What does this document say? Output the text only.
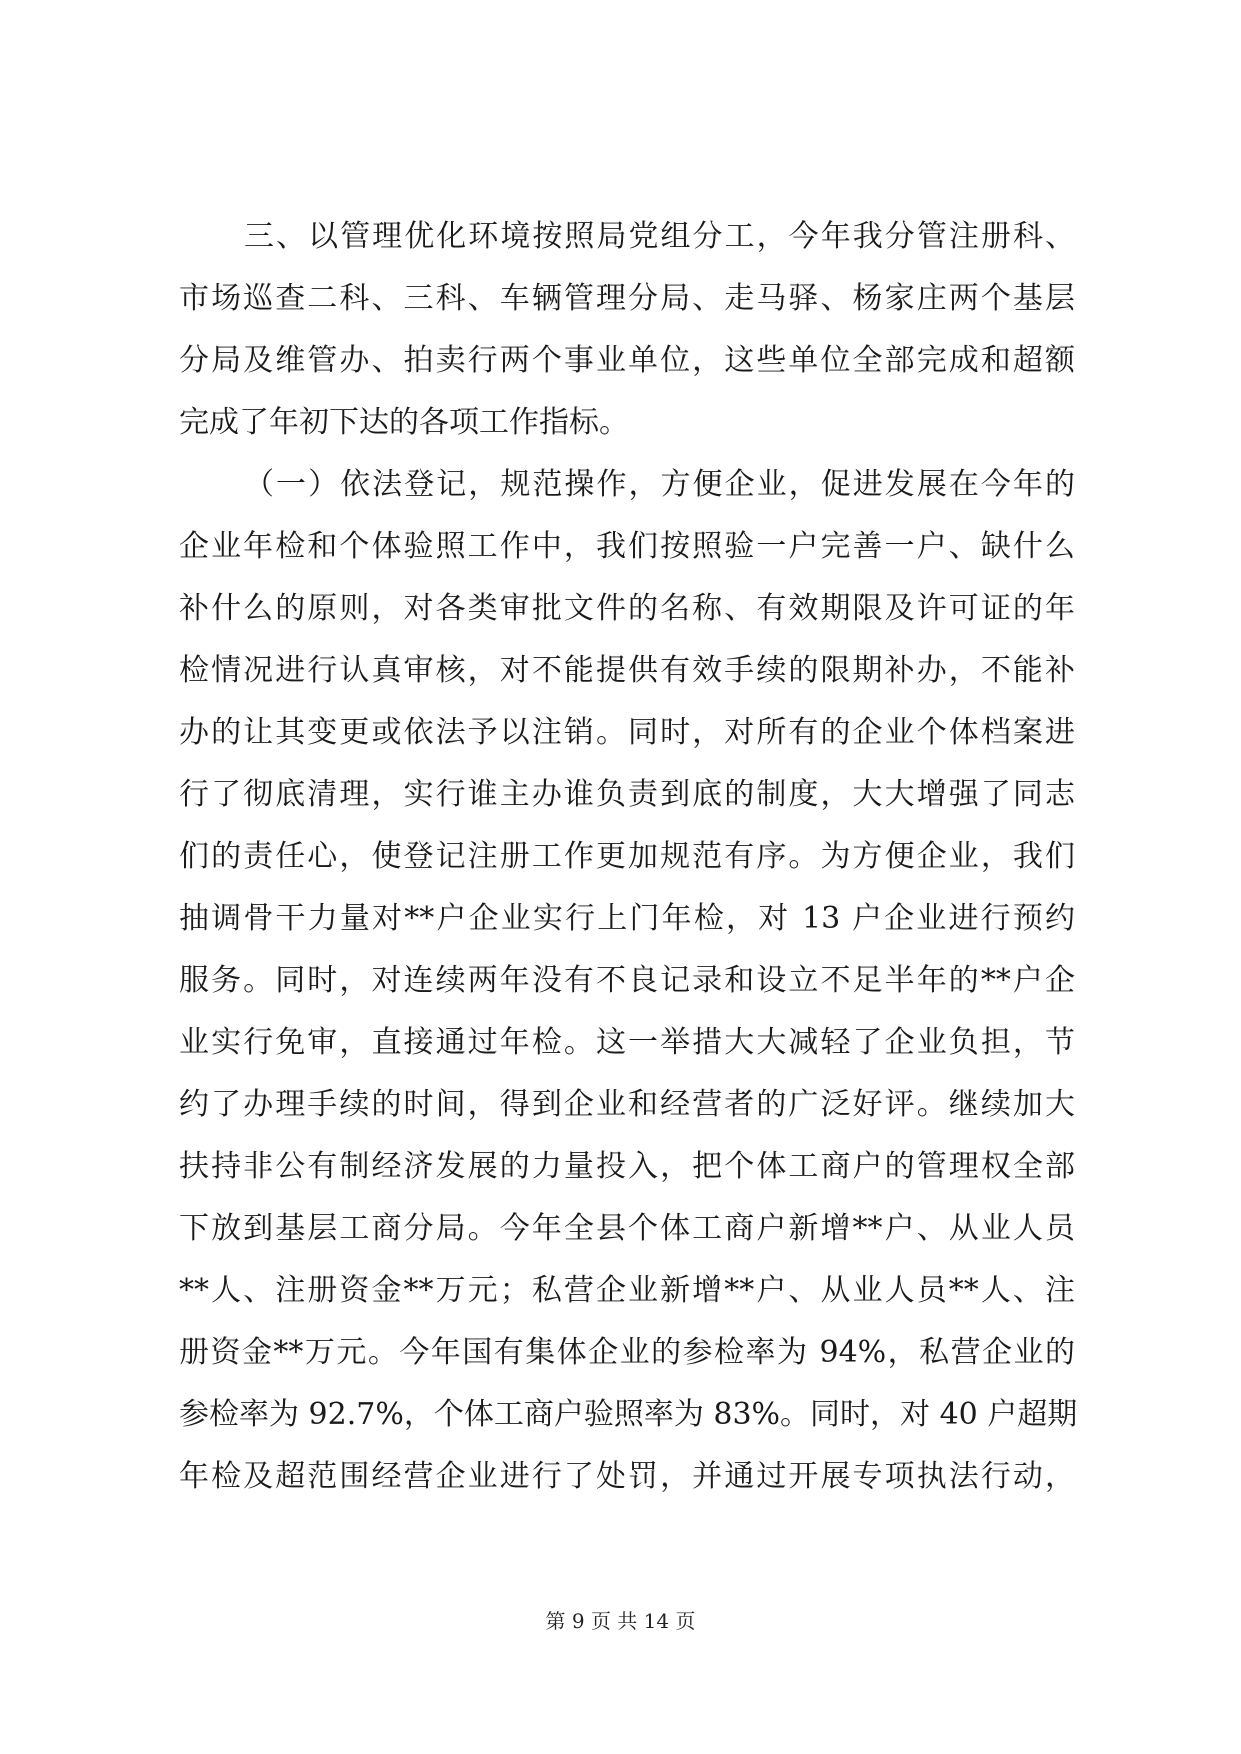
三、以管理优化环境按照局党组分工，今年我分管注册科、
市场巡查二科、三科、车辆管理分局、走马驿、杨家庄两个基层
分局及维管办、拍卖行两个事业单位，这些单位全部完成和超额
完成了年初下达的各项工作指标。
（一）依法登记，规范操作，方便企业，促进发展在今年的
企业年检和个体验照工作中，我们按照验一户完善一户、缺什么
补什么的原则，对各类审批文件的名称、有效期限及许可证的年
检情况进行认真审核，对不能提供有效手续的限期补办，不能补
办的让其变更或依法予以注销。同时，对所有的企业个体档案进
行了彻底清理，实行谁主办谁负责到底的制度，大大增强了同志
们的责任心，使登记注册工作更加规范有序。为方便企业，我们
抽调骨干力量对**户企业实行上门年检，对 13 户企业进行预约
服务。同时，对连续两年没有不良记录和设立不足半年的**户企
业实行免审，直接通过年检。这一举措大大减轻了企业负担，节
约了办理手续的时间，得到企业和经营者的广泛好评。继续加大
扶持非公有制经济发展的力量投入，把个体工商户的管理权全部
下放到基层工商分局。今年全县个体工商户新增**户、从业人员
**人、注册资金**万元；私营企业新增**户、从业人员**人、注
册资金**万元。今年国有集体企业的参检率为 94%，私营企业的
参检率为 92.7%，个体工商户验照率为 83%。同时，对 40 户超期
年检及超范围经营企业进行了处罚，并通过开展专项执法行动，
第 9 页 共 14 页
